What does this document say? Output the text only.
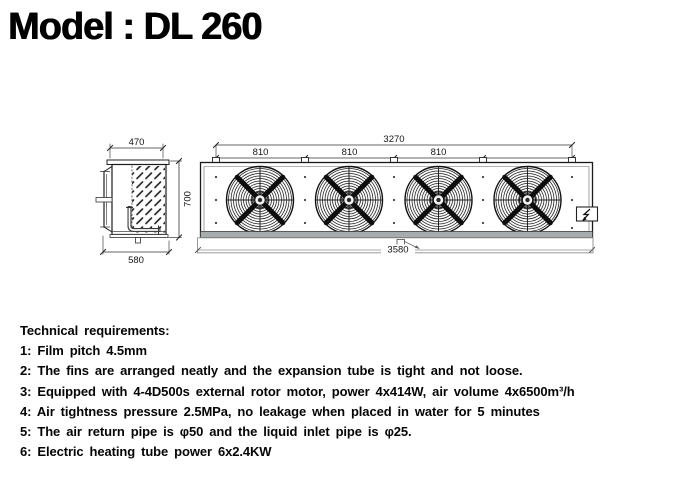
Model : DL 260
470
580
700
3270
810	810	810
3580
Technical requirements:
1: Film pitch 4.5mm
2: The fins are arranged neatly and the expansion tube is tight and not loose.
3: Equipped with 4-4D500s external rotor motor, power 4x414W, air volume 4x6500m³/h
4: Air tightness pressure 2.5MPa, no leakage when placed in water for 5 minutes
5: The air return pipe is φ50 and the liquid inlet pipe is φ25.
6: Electric heating tube power 6x2.4KW
